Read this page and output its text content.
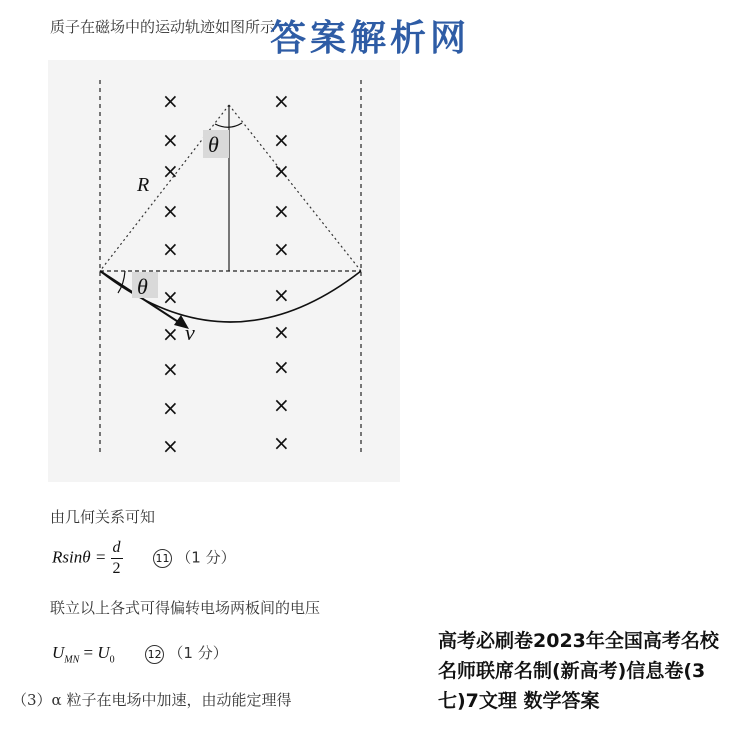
质子在磁场中的运动轨迹如图所示
答案解析网
θ
θ
R
v
×
×
×
×
×
×
×
×
×
×
×
×
×
×
×
×
×
×
×
×
由几何关系可知
$Rsin\theta = \frac{d}{2}$	11 （1 分）
联立以上各式可得偏转电场两板间的电压
$U_{MN} = U_0$	12 （1 分）
（3）α 粒子在电场中加速，由动能定理得
高考必刷卷2023年全国高考名校名师联席名制(新高考)信息卷(3七)7文理 数学答案
